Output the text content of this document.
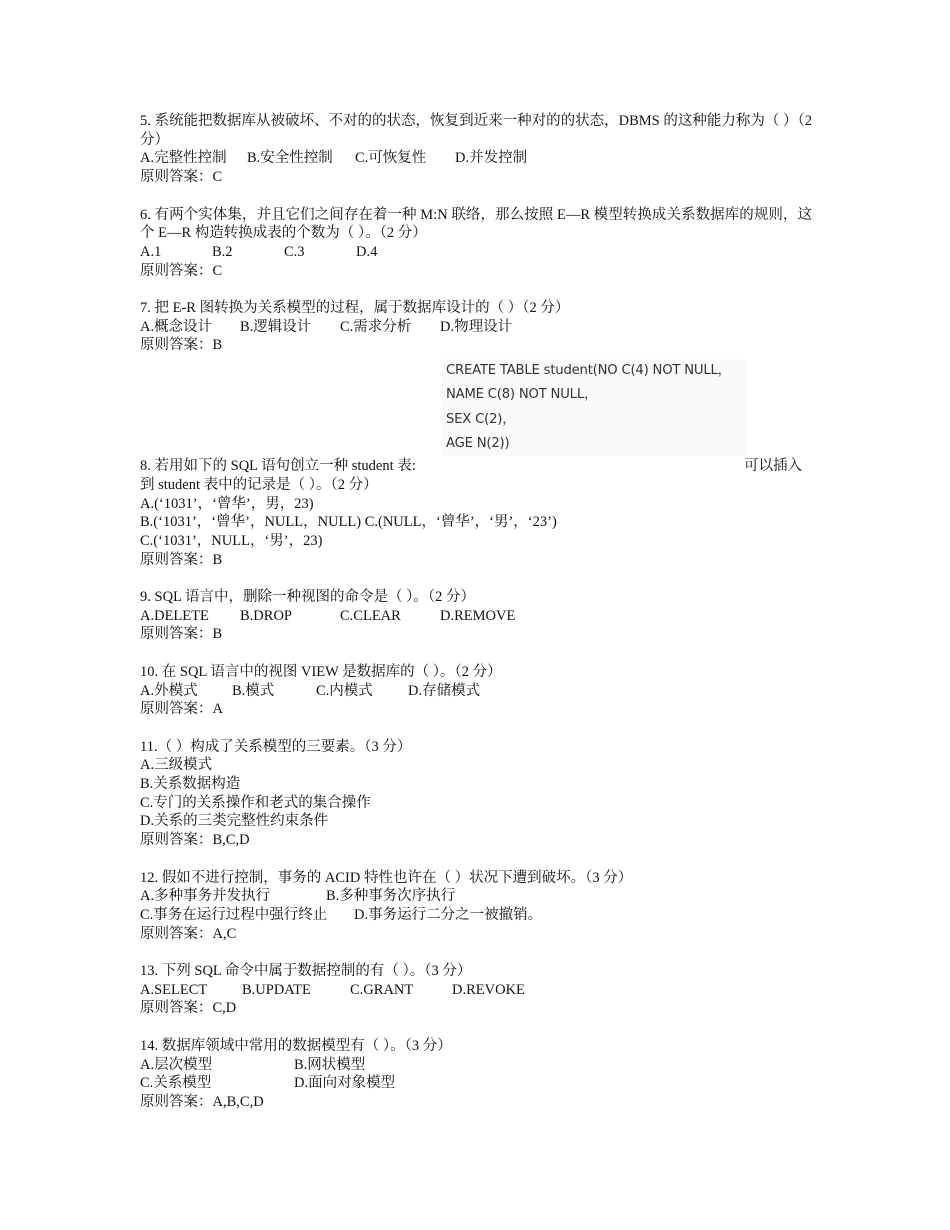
5. 系统能把数据库从被破坏、不对的的状态，恢复到近来一种对的的状态，DBMS 的这种能力称为（ ）（2 分）
A.完整性控制 B.安全性控制 C.可恢复性 D.并发控制
原则答案：C
6. 有两个实体集，并且它们之间存在着一种 M:N 联络，那么按照 E—R 模型转换成关系数据库的规则，这个 E—R 构造转换成表的个数为（ ）。（2 分）
A.1	B.2	C.3	D.4
原则答案：C
7. 把 E-R 图转换为关系模型的过程，属于数据库设计的（ ）（2 分）
A.概念设计 B.逻辑设计 C.需求分析 D.物理设计
原则答案：B
CREATE TABLE student(NO C(4) NOT NULL，
NAME C(8) NOT NULL，
SEX C(2)，
AGE N(2))
8. 若用如下的 SQL 语句创立一种 student 表:	可以插入
到 student 表中的记录是（ ）。（2 分）
A.(‘1031’，‘曾华’，男，23)
B.(‘1031’，‘曾华’，NULL，NULL) C.(NULL，‘曾华’，‘男’，‘23’)
C.(‘1031’，NULL，‘男’，23)
原则答案：B
9. SQL 语言中，删除一种视图的命令是（ ）。（2 分）
A.DELETE B.DROP	C.CLEAR	D.REMOVE
原则答案：B
10. 在 SQL 语言中的视图 VIEW 是数据库的（ ）。（2 分）
A.外模式 B.模式	C.内模式 D.存储模式
原则答案：A
11.（ ）构成了关系模型的三要素。（3 分）
A.三级模式
B.关系数据构造
C.专门的关系操作和老式的集合操作
D.关系的三类完整性约束条件
原则答案：B,C,D
12. 假如不进行控制，事务的 ACID 特性也许在（ ）状况下遭到破坏。（3 分）
A.多种事务并发执行	B.多种事务次序执行
C.事务在运行过程中强行终止 D.事务运行二分之一被撤销。
原则答案：A,C
13. 下列 SQL 命令中属于数据控制的有（ ）。（3 分）
A.SELECT B.UPDATE	C.GRANT	D.REVOKE
原则答案：C,D
14. 数据库领域中常用的数据模型有（ ）。（3 分）
A.层次模型	B.网状模型
C.关系模型	D.面向对象模型
原则答案：A,B,C,D
